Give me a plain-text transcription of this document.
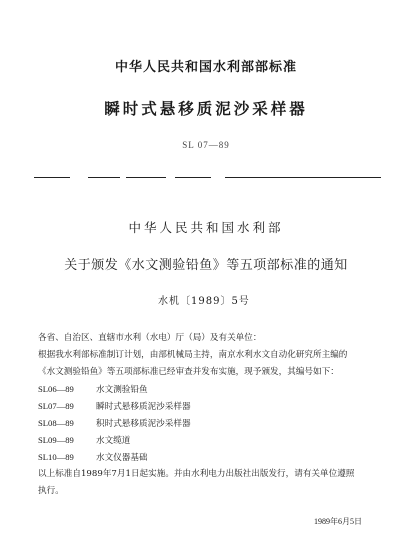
中华人民共和国水利部部标准
瞬时式悬移质泥沙采样器
SL 07—89
中华人民共和国水利部
关于颁发《水文测验铅鱼》等五项部标准的通知
水机〔1989〕5号
各省、自治区、直辖市水利（水电）厅（局）及有关单位：
根据我水利部标准制订计划，由部机械局主持，南京水利水文自动化研究所主编的
《水文测验铅鱼》等五项部标准已经审查并发布实施，现予颁发，其编号如下：
SL06—89	水文测验铅鱼
SL07—89	瞬时式悬移质泥沙采样器
SL08—89	积时式悬移质泥沙采样器
SL09—89	水文缆道
SL10—89	水文仪器基础
以上标准自1989年7月1日起实施。并由水利电力出版社出版发行，请有关单位遵照
执行。
1989年6月5日
